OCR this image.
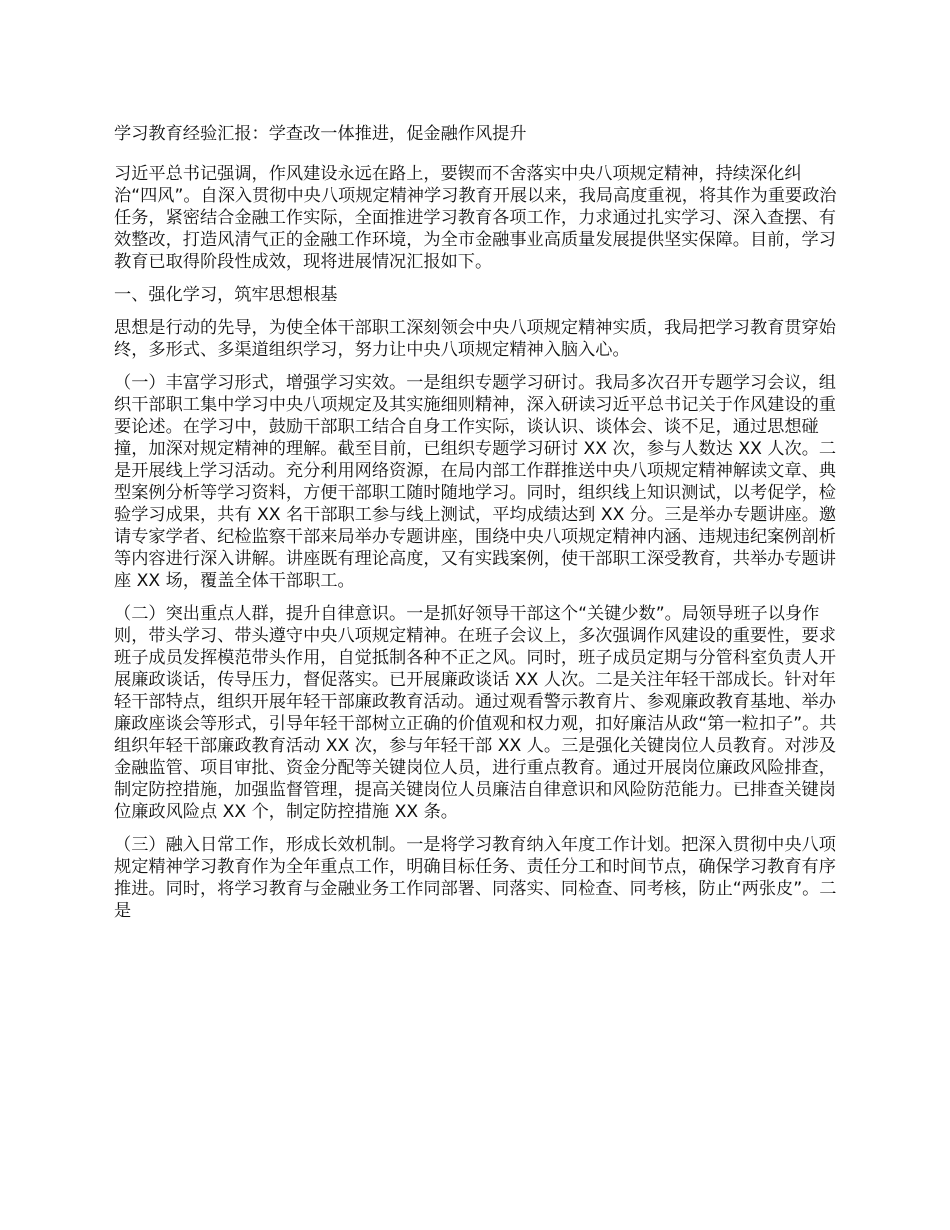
学习教育经验汇报：学查改一体推进，促金融作风提升
习近平总书记强调，作风建设永远在路上，要锲而不舍落实中央八项规定精神，持续深化纠治“四风”。自深入贯彻中央八项规定精神学习教育开展以来，我局高度重视，将其作为重要政治任务，紧密结合金融工作实际，全面推进学习教育各项工作，力求通过扎实学习、深入查摆、有效整改，打造风清气正的金融工作环境，为全市金融事业高质量发展提供坚实保障。目前，学习教育已取得阶段性成效，现将进展情况汇报如下。
一、强化学习，筑牢思想根基
思想是行动的先导，为使全体干部职工深刻领会中央八项规定精神实质，我局把学习教育贯穿始终，多形式、多渠道组织学习，努力让中央八项规定精神入脑入心。
（一）丰富学习形式，增强学习实效。一是组织专题学习研讨。我局多次召开专题学习会议，组织干部职工集中学习中央八项规定及其实施细则精神，深入研读习近平总书记关于作风建设的重要论述。在学习中，鼓励干部职工结合自身工作实际，谈认识、谈体会、谈不足，通过思想碰撞，加深对规定精神的理解。截至目前，已组织专题学习研讨 XX 次，参与人数达 XX 人次。二是开展线上学习活动。充分利用网络资源，在局内部工作群推送中央八项规定精神解读文章、典型案例分析等学习资料，方便干部职工随时随地学习。同时，组织线上知识测试，以考促学，检验学习成果，共有 XX 名干部职工参与线上测试，平均成绩达到 XX 分。三是举办专题讲座。邀请专家学者、纪检监察干部来局举办专题讲座，围绕中央八项规定精神内涵、违规违纪案例剖析等内容进行深入讲解。讲座既有理论高度，又有实践案例，使干部职工深受教育，共举办专题讲座 XX 场，覆盖全体干部职工。
（二）突出重点人群，提升自律意识。一是抓好领导干部这个“关键少数”。局领导班子以身作则，带头学习、带头遵守中央八项规定精神。在班子会议上，多次强调作风建设的重要性，要求班子成员发挥模范带头作用，自觉抵制各种不正之风。同时，班子成员定期与分管科室负责人开展廉政谈话，传导压力，督促落实。已开展廉政谈话 XX 人次。二是关注年轻干部成长。针对年轻干部特点，组织开展年轻干部廉政教育活动。通过观看警示教育片、参观廉政教育基地、举办廉政座谈会等形式，引导年轻干部树立正确的价值观和权力观，扣好廉洁从政“第一粒扣子”。共组织年轻干部廉政教育活动 XX 次，参与年轻干部 XX 人。三是强化关键岗位人员教育。对涉及金融监管、项目审批、资金分配等关键岗位人员，进行重点教育。通过开展岗位廉政风险排查，制定防控措施，加强监督管理，提高关键岗位人员廉洁自律意识和风险防范能力。已排查关键岗位廉政风险点 XX 个，制定防控措施 XX 条。
（三）融入日常工作，形成长效机制。一是将学习教育纳入年度工作计划。把深入贯彻中央八项规定精神学习教育作为全年重点工作，明确目标任务、责任分工和时间节点，确保学习教育有序推进。同时，将学习教育与金融业务工作同部署、同落实、同检查、同考核，防止“两张皮”。二是
